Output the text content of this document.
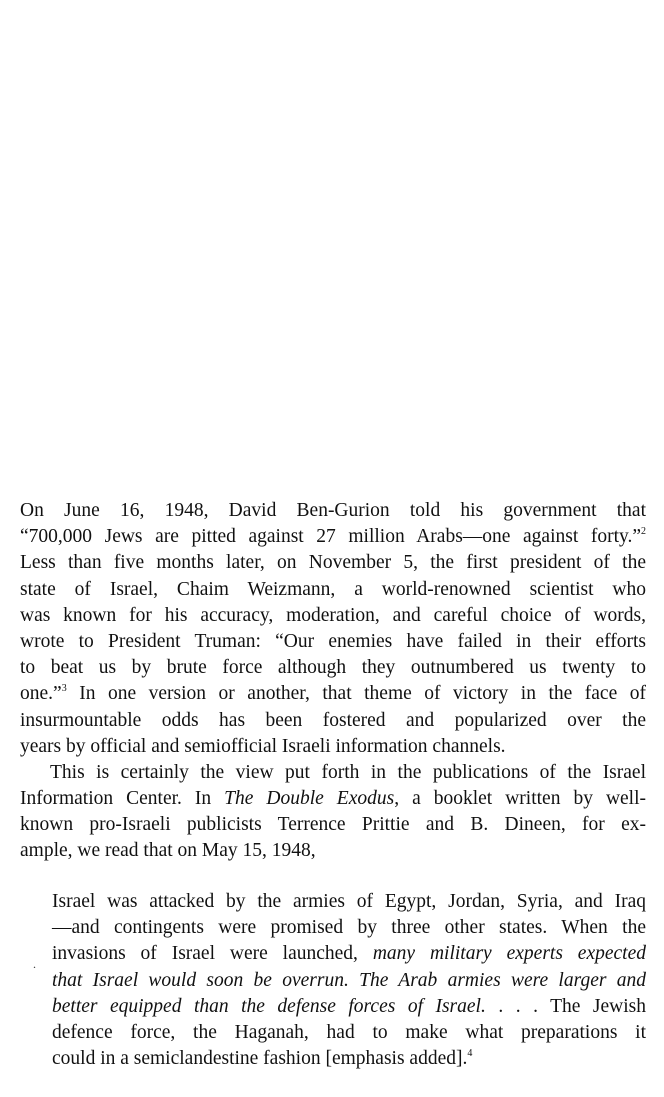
On June 16, 1948, David Ben-Gurion told his government that
“700,000 Jews are pitted against 27 million Arabs—one against forty.”$^2$
Less than five months later, on November 5, the first president of the
state of Israel, Chaim Weizmann, a world-renowned scientist who
was known for his accuracy, moderation, and careful choice of words,
wrote to President Truman: “Our enemies have failed in their efforts
to beat us by brute force although they outnumbered us twenty to
one.”$^3$ In one version or another, that theme of victory in the face of
insurmountable odds has been fostered and popularized over the
years by official and semiofficial Israeli information channels.
This is certainly the view put forth in the publications of the Israel
Information Center. In The Double Exodus, a booklet written by well-
known pro-Israeli publicists Terrence Prittie and B. Dineen, for ex-
ample, we read that on May 15, 1948,
Israel was attacked by the armies of Egypt, Jordan, Syria, and Iraq
—and contingents were promised by three other states. When the
invasions of Israel were launched, many military experts expected
that Israel would soon be overrun. The Arab armies were larger and
better equipped than the defense forces of Israel. . . . The Jewish
defence force, the Haganah, had to make what preparations it
could in a semiclandestine fashion [emphasis added].$^4$
.
